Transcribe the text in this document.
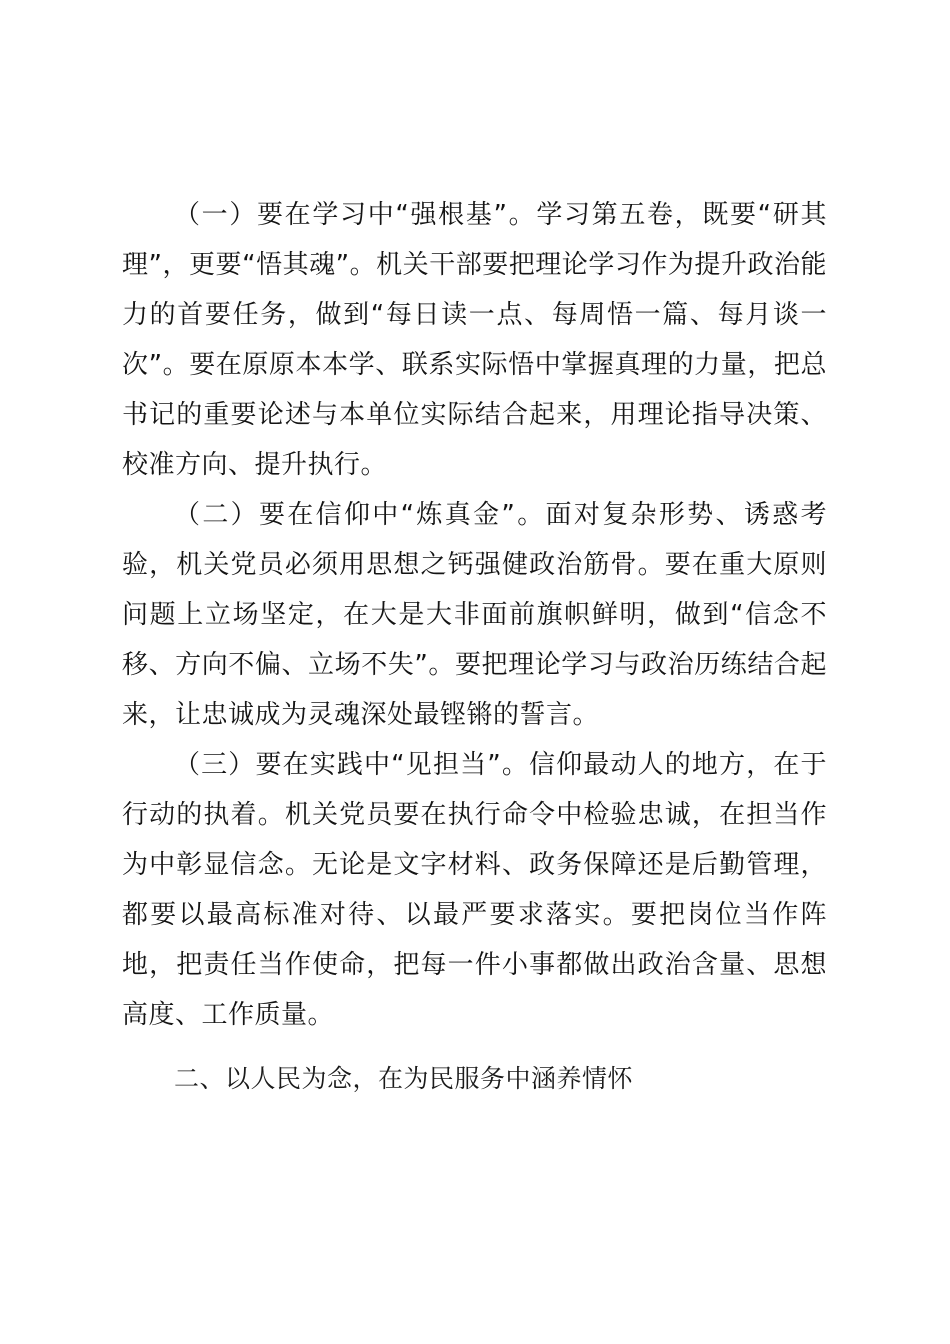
（一）要在学习中“强根基”。学习第五卷，既要“研其理”，更要“悟其魂”。机关干部要把理论学习作为提升政治能力的首要任务，做到“每日读一点、每周悟一篇、每月谈一次”。要在原原本本学、联系实际悟中掌握真理的力量，把总书记的重要论述与本单位实际结合起来，用理论指导决策、校准方向、提升执行。

（二）要在信仰中“炼真金”。面对复杂形势、诱惑考验，机关党员必须用思想之钙强健政治筋骨。要在重大原则问题上立场坚定，在大是大非面前旗帜鲜明，做到“信念不移、方向不偏、立场不失”。要把理论学习与政治历练结合起来，让忠诚成为灵魂深处最铿锵的誓言。

（三）要在实践中“见担当”。信仰最动人的地方，在于行动的执着。机关党员要在执行命令中检验忠诚，在担当作为中彰显信念。无论是文字材料、政务保障还是后勤管理，都要以最高标准对待、以最严要求落实。要把岗位当作阵地，把责任当作使命，把每一件小事都做出政治含量、思想高度、工作质量。

二、以人民为念，在为民服务中涵养情怀
